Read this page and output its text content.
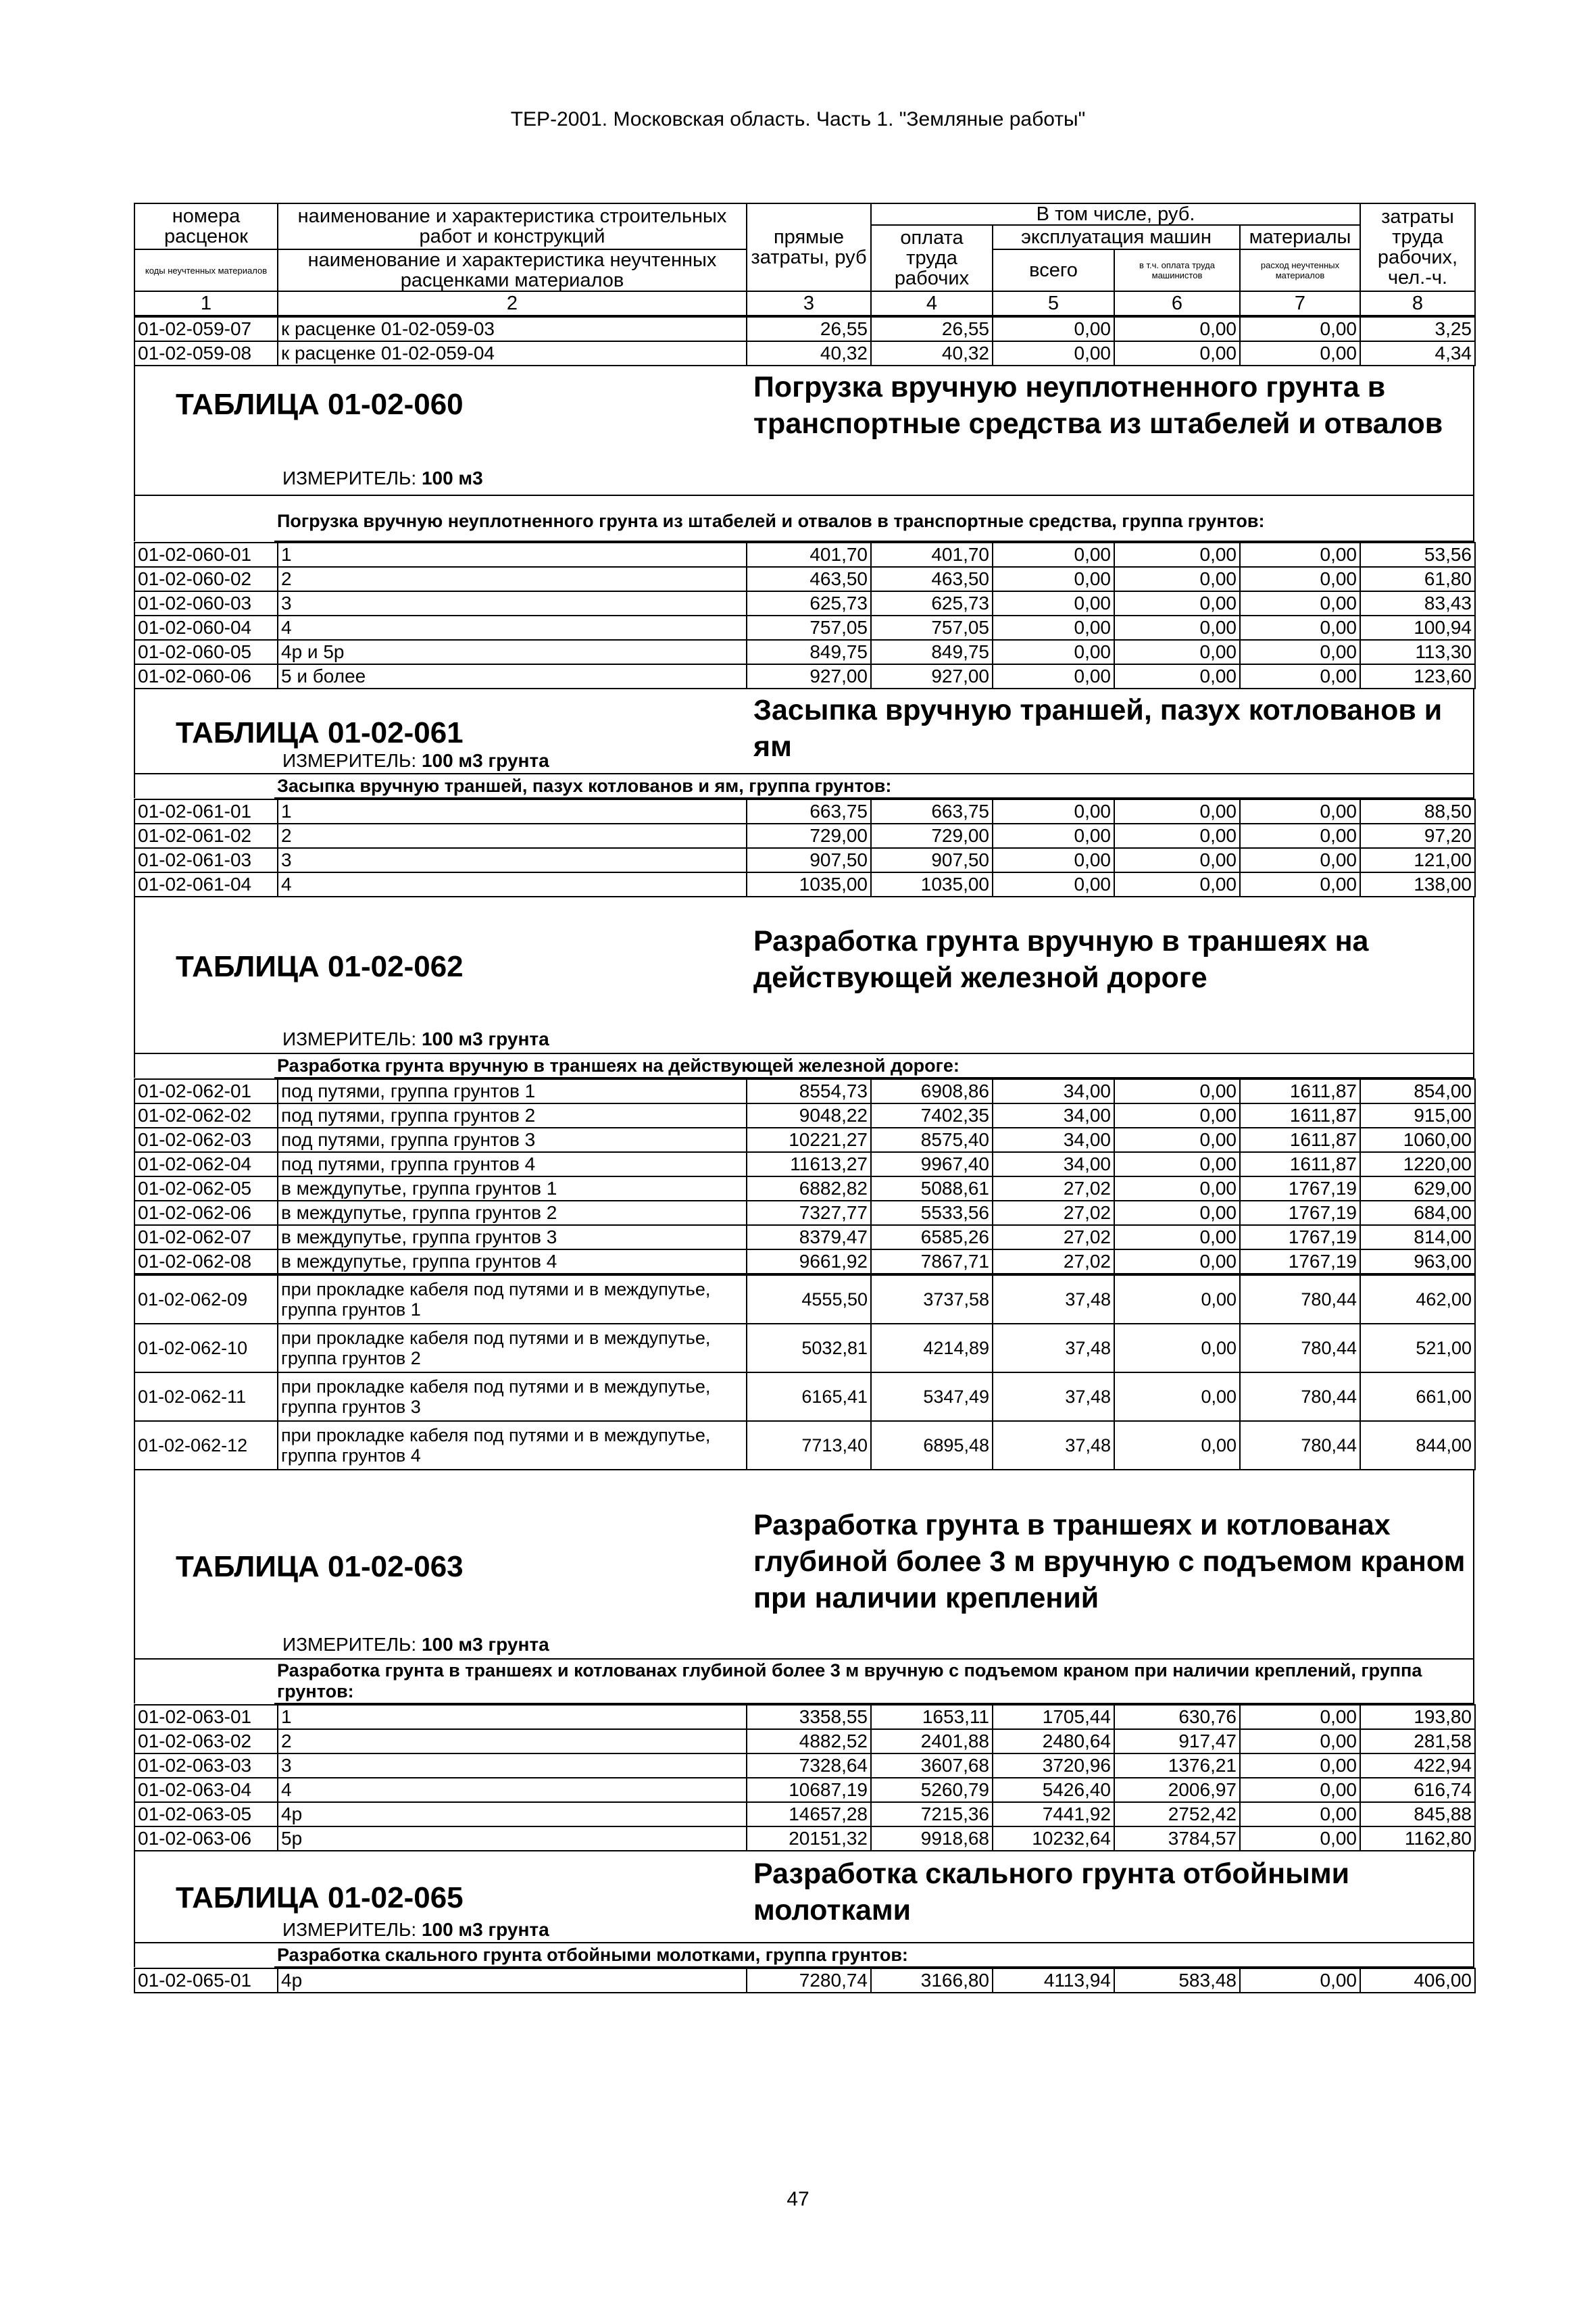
ТЕР-2001. Московская область. Часть 1. "Земляные работы"
номера расценок	наименование и характеристика строительных работ и конструкций	прямые затраты, руб	В том числе, руб.				затраты труда рабочих, чел.-ч.
			оплата труда рабочих	эксплуатация машин		материалы	
коды неучтенных материалов	наименование и характеристика неучтенных расценками материалов			всего	в т.ч. оплата труда машинистов	расход неучтенных материалов	

1	2	3	4	5	6	7	8
01-02-059-07	к расценке 01-02-059-03	26,55	26,55	0,00	0,00	0,00	3,25
01-02-059-08	к расценке 01-02-059-04	40,32	40,32	0,00	0,00	0,00	4,34
ТАБЛИЦА 01-02-060
Погрузка вручную неуплотненного грунта в транспортные средства из штабелей и отвалов
ИЗМЕРИТЕЛЬ: 100 м3
	Погрузка вручную неуплотненного грунта из штабелей и отвалов в транспортные средства, группа грунтов:
01-02-060-01	1	401,70	401,70	0,00	0,00	0,00	53,56
01-02-060-02	2	463,50	463,50	0,00	0,00	0,00	61,80
01-02-060-03	3	625,73	625,73	0,00	0,00	0,00	83,43
01-02-060-04	4	757,05	757,05	0,00	0,00	0,00	100,94
01-02-060-05	4р и 5р	849,75	849,75	0,00	0,00	0,00	113,30
01-02-060-06	5 и более	927,00	927,00	0,00	0,00	0,00	123,60
ТАБЛИЦА 01-02-061
Засыпка вручную траншей, пазух котлованов и ям
ИЗМЕРИТЕЛЬ: 100 м3 грунта
	Засыпка вручную траншей, пазух котлованов и ям, группа грунтов:
01-02-061-01	1	663,75	663,75	0,00	0,00	0,00	88,50
01-02-061-02	2	729,00	729,00	0,00	0,00	0,00	97,20
01-02-061-03	3	907,50	907,50	0,00	0,00	0,00	121,00
01-02-061-04	4	1035,00	1035,00	0,00	0,00	0,00	138,00
ТАБЛИЦА 01-02-062
Разработка грунта вручную в траншеях на действующей железной дороге
ИЗМЕРИТЕЛЬ: 100 м3 грунта
	Разработка грунта вручную в траншеях на действующей железной дороге:
01-02-062-01	под путями, группа грунтов 1	8554,73	6908,86	34,00	0,00	1611,87	854,00
01-02-062-02	под путями, группа грунтов 2	9048,22	7402,35	34,00	0,00	1611,87	915,00
01-02-062-03	под путями, группа грунтов 3	10221,27	8575,40	34,00	0,00	1611,87	1060,00
01-02-062-04	под путями, группа грунтов 4	11613,27	9967,40	34,00	0,00	1611,87	1220,00
01-02-062-05	в междупутье, группа грунтов 1	6882,82	5088,61	27,02	0,00	1767,19	629,00
01-02-062-06	в междупутье, группа грунтов 2	7327,77	5533,56	27,02	0,00	1767,19	684,00
01-02-062-07	в междупутье, группа грунтов 3	8379,47	6585,26	27,02	0,00	1767,19	814,00
01-02-062-08	в междупутье, группа грунтов 4	9661,92	7867,71	27,02	0,00	1767,19	963,00
01-02-062-09	при прокладке кабеля под путями и в междупутье, группа грунтов 1	4555,50	3737,58	37,48	0,00	780,44	462,00
01-02-062-10	при прокладке кабеля под путями и в междупутье, группа грунтов 2	5032,81	4214,89	37,48	0,00	780,44	521,00
01-02-062-11	при прокладке кабеля под путями и в междупутье, группа грунтов 3	6165,41	5347,49	37,48	0,00	780,44	661,00
01-02-062-12	при прокладке кабеля под путями и в междупутье, группа грунтов 4	7713,40	6895,48	37,48	0,00	780,44	844,00
ТАБЛИЦА 01-02-063
Разработка грунта в траншеях и котлованах глубиной более 3 м вручную с подъемом краном при наличии креплений
ИЗМЕРИТЕЛЬ: 100 м3 грунта
	Разработка грунта в траншеях и котлованах глубиной более 3 м вручную с подъемом краном при наличии креплений, группа грунтов:
01-02-063-01	1	3358,55	1653,11	1705,44	630,76	0,00	193,80
01-02-063-02	2	4882,52	2401,88	2480,64	917,47	0,00	281,58
01-02-063-03	3	7328,64	3607,68	3720,96	1376,21	0,00	422,94
01-02-063-04	4	10687,19	5260,79	5426,40	2006,97	0,00	616,74
01-02-063-05	4р	14657,28	7215,36	7441,92	2752,42	0,00	845,88
01-02-063-06	5р	20151,32	9918,68	10232,64	3784,57	0,00	1162,80
ТАБЛИЦА 01-02-065
Разработка скального грунта отбойными молотками
ИЗМЕРИТЕЛЬ: 100 м3 грунта
	Разработка скального грунта отбойными молотками, группа грунтов:
01-02-065-01	4р	7280,74	3166,80	4113,94	583,48	0,00	406,00
47
